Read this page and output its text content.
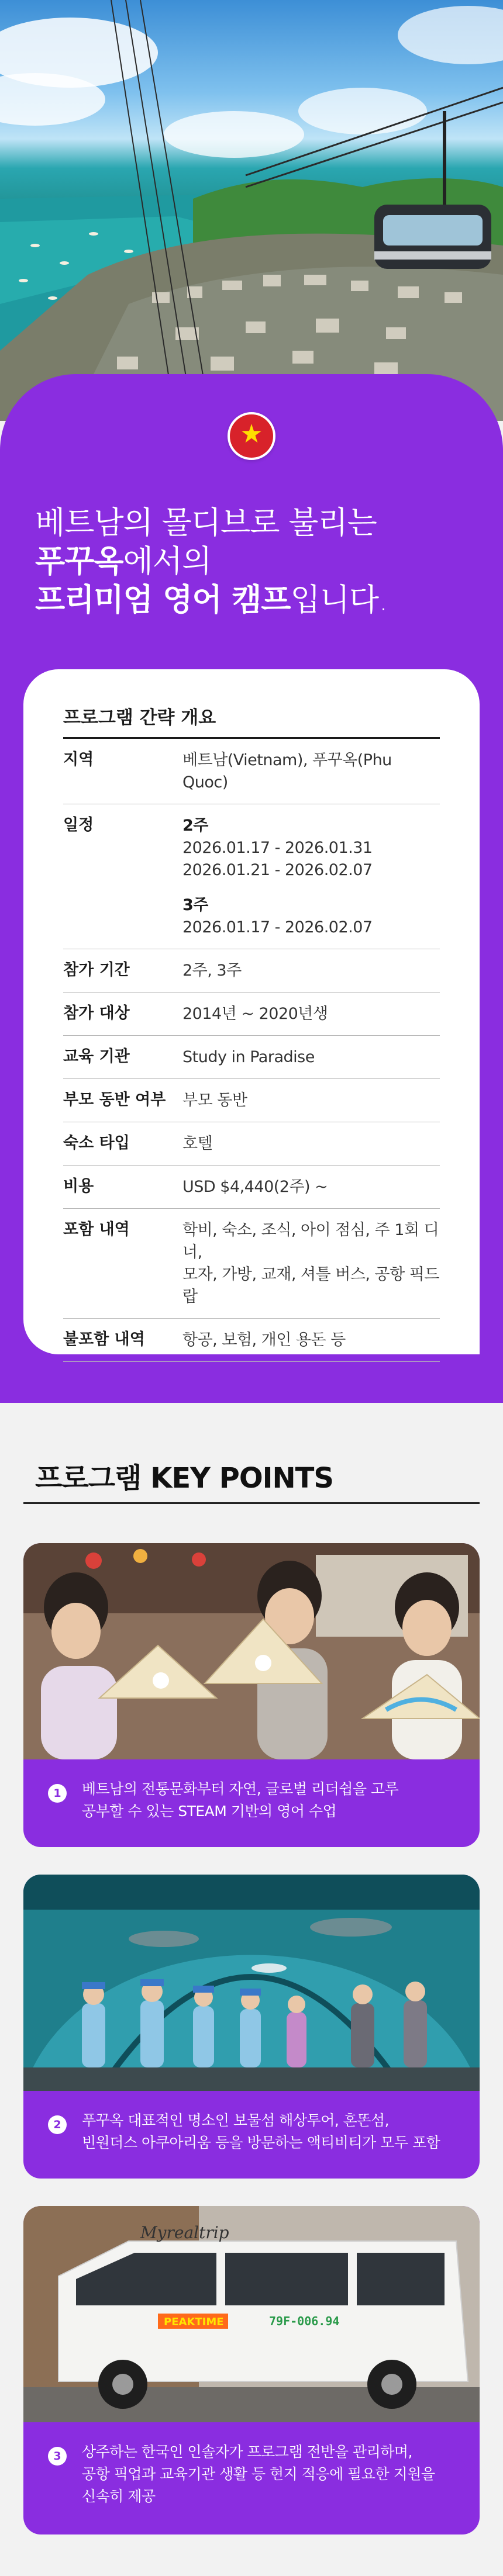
★
베트남의 몰디브로 불리는
푸꾸옥에서의
프리미엄 영어 캠프입니다.
프로그램 간략 개요
지역	베트남(Vietnam), 푸꾸옥(Phu Quoc)
일정	2주
2026.01.17 - 2026.01.31
2026.01.21 - 2026.02.07
3주
2026.01.17 - 2026.02.07
참가 기간	2주, 3주
참가 대상	2014년 ~ 2020년생
교육 기관	Study in Paradise
부모 동반 여부	부모 동반
숙소 타입	호텔
비용	USD $4,440(2주) ~
포함 내역	학비, 숙소, 조식, 아이 점심, 주 1회 디너,
모자, 가방, 교재, 셔틀 버스, 공항 픽드랍
불포함 내역	항공, 보험, 개인 용돈 등
프로그램 KEY POINTS
1	베트남의 전통문화부터 자연, 글로벌 리더쉽을 고루
공부할 수 있는 STEAM 기반의 영어 수업
2	푸꾸옥 대표적인 명소인 보물섬 해상투어, 혼똔섬,
빈원더스 아쿠아리움 등을 방문하는 액티비티가 모두 포함
Myrealtrip
PEAKTIME	79F-006.94
3	상주하는 한국인 인솔자가 프로그램 전반을 관리하며,
공항 픽업과 교육기관 생활 등 현지 적응에 필요한 지원을
신속히 제공
